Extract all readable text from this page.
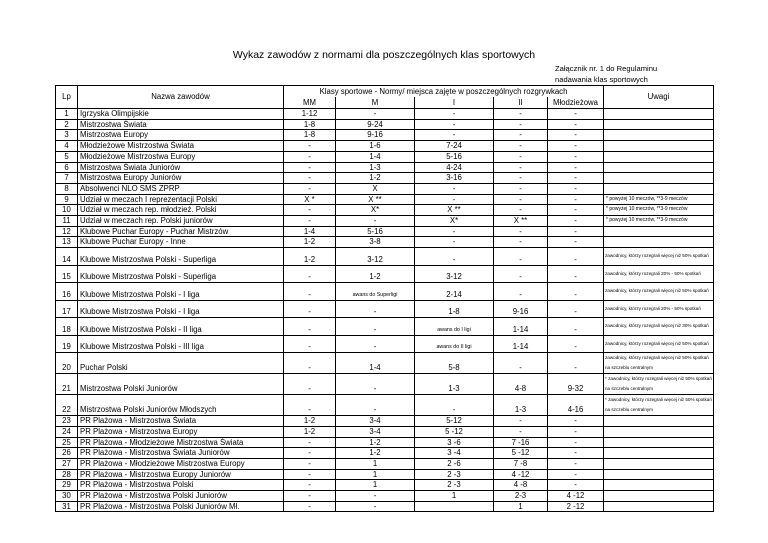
Wykaz zawodów z normami dla poszczególnych klas sportowych
Załącznik nr. 1 do Regulaminu
nadawania klas sportowych
Lp	Nazwa zawodów	Klasy sportowe - Normy/ miejsca zajęte w poszczególnych rozgrywkach					Uwagi
		MM	M	I	II	Młodzieżowa	
1	Igrzyska Olimpijskie	1-12	-	-	-	-	
2	Mistrzostwa Świata	1-8	9-24	-	-	-	
3	Mistrzostwa Europy	1-8	9-16	-	-	-	
4	Młodzieżowe Mistrzostwa Świata	-	1-6	7-24	-	-	
5	Młodzieżowe Mistrzostwa Europy	-	1-4	5-16	-	-	
6	Mistrzostwa Świata Juniorów	-	1-3	4-24	-	-	
7	Mistrzostwa Europy Juniorów	-	1-2	3-16	-	-	
8	Absolwenci NLO SMS ZPRP	-	X	-	-	-	
9	Udział w meczach I reprezentacji Polski	X *	X **	-	-	-	* powyżej 10 meczów, **3-9 meczów
10	Udział w meczach rep. młodzież. Polski	-	X*	X **	-	-	* powyżej 10 meczów, **3-9 meczów
11	Udział w meczach rep. Polski juniorów	-	-	X*	X **	-	* powyżej 10 meczów, **3-9 meczów
12	Klubowe Puchar Europy - Puchar Mistrzów	1-4	5-16	-	-	-	
13	Klubowe Puchar Europy - Inne	1-2	3-8	-	-	-	
14	Klubowe Mistrzostwa Polski - Superliga	1-2	3-12	-	-	-	zawodnicy, którzy rozegrali więcej niż 50% spotkań
15	Klubowe Mistrzostwa Polski - Superliga	-	1-2	3-12	-	-	zawodnicy, którzy rozegrali 20% - 50% spotkań
16	Klubowe Mistrzostwa Polski - I liga	-	awans do Superligi	2-14	-	-	zawodnicy, którzy rozegrali więcej niż 50% spotkań
17	Klubowe Mistrzostwa Polski - I liga	-	-	1-8	9-16	-	zawodnicy, którzy rozegrali 20% - 50% spotkań
18	Klubowe Mistrzostwa Polski - II liga	-	-	awans do I ligi	1-14	-	zawodnicy, którzy rozegrali więcej niż 30% spotkań
19	Klubowe Mistrzostwa Polski - III liga	-	-	awans do II ligi	1-14	-	zawodnicy, którzy rozegrali więcej niż 50% spotkań
20	Puchar Polski	-	1-4	5-8	-	-	zawodnicy, którzy rozegrali więcej niż 50% spotkań na szczeblu centralnym
21	Mistrzostwa Polski Juniorów	-	-	1-3	4-8	9-32	* zawodnicy, którzy rozegrali więcej niż 50% spotkań na szczeblu centralnym
22	Mistrzostwa Polski Juniorów Młodszych	-	-	-	1-3	4-16	* zawodnicy, którzy rozegrali więcej niż 50% spotkań na szczeblu centralnym
23	PR Plażowa - Mistrzostwa Świata	1-2	3-4	5-12	-	-	
24	PR Plażowa - Mistrzostwa Europy	1-2	3-4	5 -12	-	-	
25	PR Plażowa - Młodzieżowe Mistrzostwa Świata	-	1-2	3 -6	7 -16	-	
26	PR Plażowa - Mistrzostwa Świata Juniorów	-	1-2	3 -4	5 -12	-	
27	PR Plażowa - Młodzieżowe Mistrzostwa Europy	-	1	2 -6	7 -8	-	
28	PR Plażowa - Mistrzostwa Europy Juniorów	-	1	2 -3	4 -12	-	
29	PR Plażowa - Mistrzostwa Polski	-	1	2 -3	4 -8	-	
30	PR Plażowa - Mistrzostwa Polski Juniorów	-	-	1	2-3	4 -12	
31	PR Plażowa - Mistrzostwa Polski Juniorów Mł.	-	-		1	2 -12	
